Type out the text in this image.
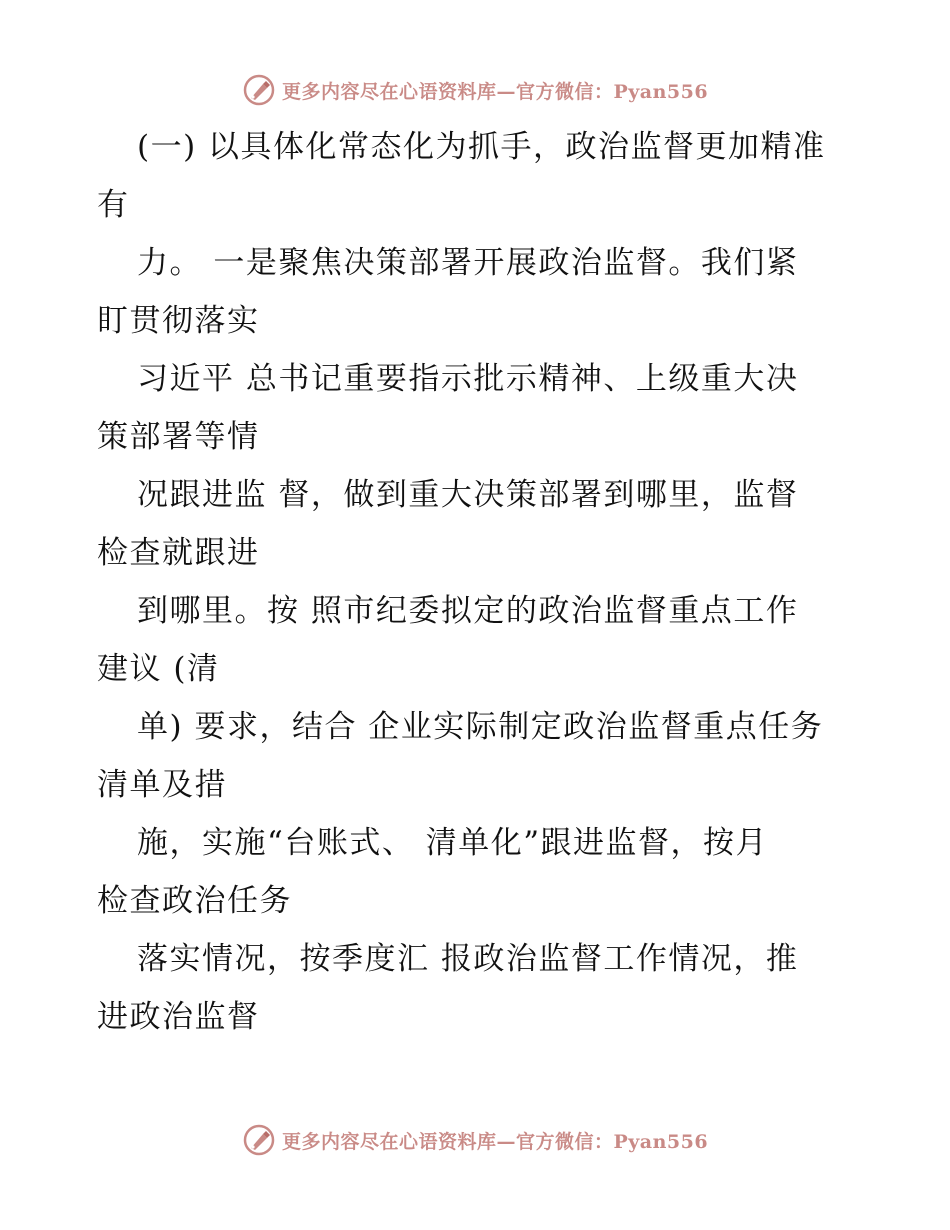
更多内容尽在心语资料库—官方微信：Pyan556
(一) 以具体化常态化为抓手，政治监督更加精准
有
力。 一是聚焦决策部署开展政治监督。我们紧
盯贯彻落实
习近平 总书记重要指示批示精神、上级重大决
策部署等情
况跟进监 督，做到重大决策部署到哪里，监督
检查就跟进
到哪里。按 照市纪委拟定的政治监督重点工作
建议 (清
单) 要求，结合 企业实际制定政治监督重点任务
清单及措
施，实施“台账式、 清单化”跟进监督，按月
检查政治任务
落实情况，按季度汇 报政治监督工作情况，推
进政治监督
更多内容尽在心语资料库—官方微信：Pyan556
